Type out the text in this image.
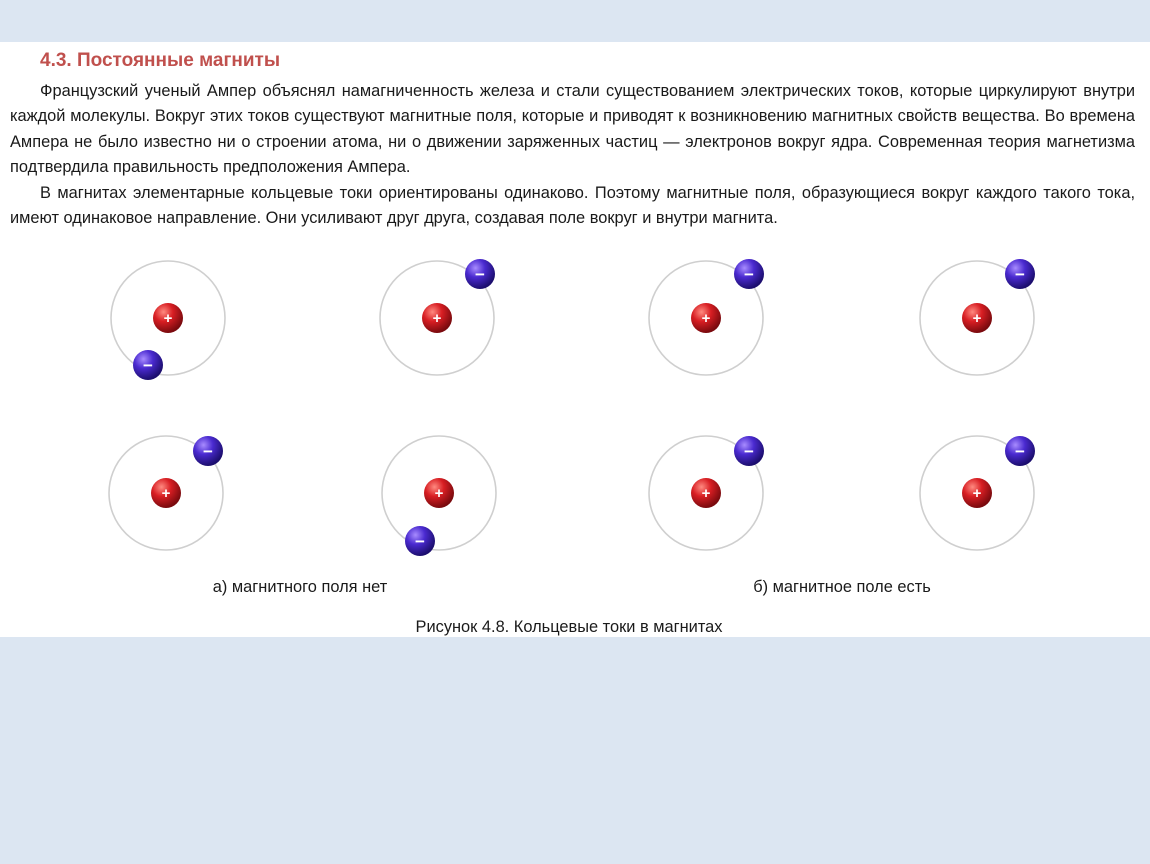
4.3. Постоянные магниты

Французский ученый Ампер объяснял намагниченность железа и стали существованием электрических токов, которые циркулируют внутри каждой молекулы. Вокруг этих токов существуют магнитные поля, которые и приводят к возникновению магнитных свойств вещества. Во времена Ампера не было известно ни о строении атома, ни о движении заряженных частиц — электронов вокруг ядра. Современная теория магнетизма подтвердила правильность предположения Ампера.

В магнитах элементарные кольцевые токи ориентированы одинаково. Поэтому магнитные поля, образующиеся вокруг каждого такого тока, имеют одинаковое направление. Они усиливают друг друга, создавая поле вокруг и внутри магнита.

+
−
+
−
+
−
+
−
+
−
+
−
+
−
+
−
а) магнитного поля нет	б) магнитное поле есть
Рисунок 4.8. Кольцевые токи в магнитах
